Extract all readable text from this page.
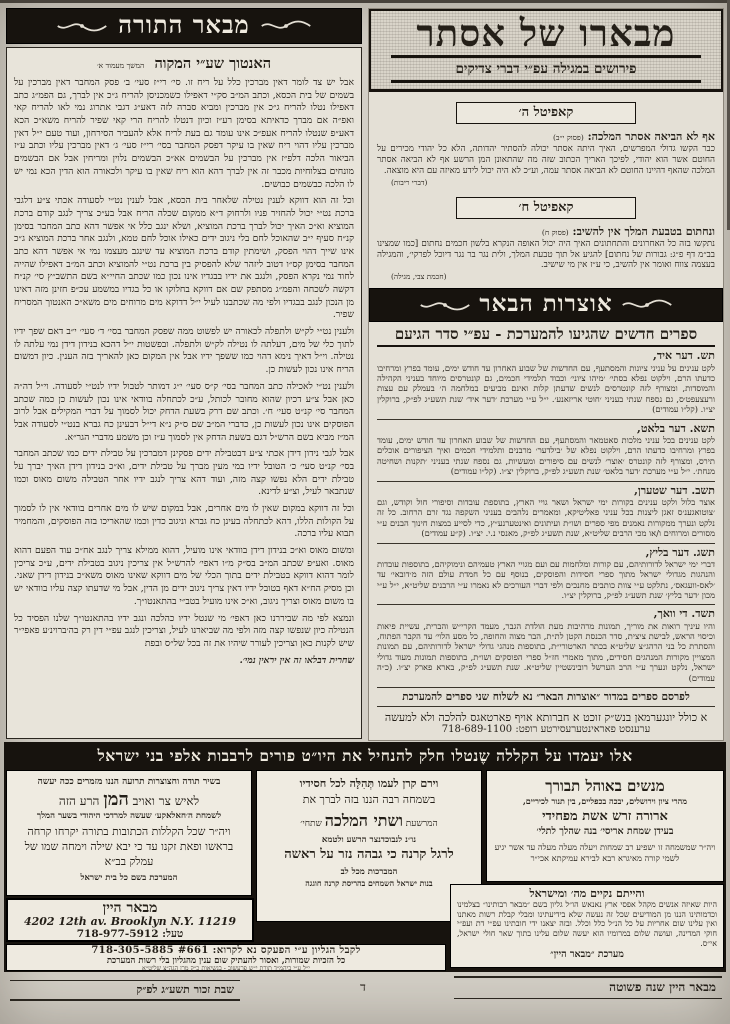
מבאר התורה
האנטוך שע״י המקוה המשך מעמוד א׳

אבל יש צד לומר דאין מברכין כלל על ריח זו. סי׳ רי״ז סעי׳ ב׳ פסק המחבר דאין מברכין על בשמים של בית הכסא, וכתב המ״ב סק״י דאפילו כשמכניסן להריח ג״כ אין לברך, גם הפמ״ג כתב דאפילו נטלו להריח ג״כ אין מברכין ומביא סברה לזה דאע״ג דגבי אתרוג נמי לאו להריח קאי ואפ״ה אם מברך כדאיתא בסימן רע״ז וכיון דנטלו להריח הרי קאי שפיר להריח משא״כ הכא דאע״פ שנטלו להריח אעפ״כ אינו עומד גם בעת לריח אלא להעביר הסירחון, ועוד טעם י״ל דאין מברכין עליו דהוי ריח שאין בו עיקר דפסק המחבר בסי׳ רי״ז סעי׳ ג׳ דאין מברכין עליו וכתב ע״ז הביאור הלכה דלפ״ז אין מברכין על הבשמים אא״כ הבשמים נלוין ומריחין אבל אם הבשמים מונחים בצלוחיות מכבר זה אין לברך דהא הוא ריח שאין בו עיקר ולכאורה הוא הדין הכא נמי יש לו הלכה כבשמים כבושים.

וכל זה הוא דווקא לענין נטילה שלאחר בית הכסא, אבל לענין נט״י לסעודה אכתי צ״ע דלגבי ברכת נט״י יכול להחזיר פניו ולרחוק ד״א ממקום שכלה הריח אבל בע״כ צריך לנגב קודם ברכת המוציא וא״כ האיך יכול לברך ברכת המוציא, ושלא ינגב כלל אי אפשר דהא כתב המחבר בסימן קנ״ח סעיף י״ב שהאוכל לחם בלי ניגוב ידים כאילו אוכל לחם טמא, ולנגב אחר ברכת המוציא ג״כ אינו שייך דהוי הפסק, ושימתין קודם ברכת המוציא עד שינגב מעצמו נמי אי אפשר דהא כתב המחבר בסימן קס״ו דטוב ליזהר שלא להפסיק בין ברכת נט״י להמוציא וכתב המ״ב דאפילו שהייה לחוד נמי נקרא הפסק, ולנגב את ידיו בבגדיו אינו נכון כמו שכתב החיי״א בשם התשב״ץ סי׳ קנ״ח דקשה לשכחה והפמ״ג מסתפק שם אם דווקא בחלוקו או כל בגדיו במשמע עכ״פ חזינן מזה דאינו מן הנכון לנגב בבגדיו ולפי מה שכתבנו לעיל י״ל דדוקא מים מרוחים מים משא״כ האנטוך המסריח שפיר.

ולענין נט״י לק״ש ולתפלה לכאורה יש לפשוט ממה שפסק המחבר בסי׳ ד׳ סעי׳ י״ב דאם שפך ידיו לתוך כלי של מים, דעלתה לו נטילה לק״ש ולתפלה. ובפשטות י״ל דהכא בנידון דידן נמי עלתה לו נטילה. וי״ל דאיך נימא דהוי כמו ששפך ידיו אבל אין המקום כאן להאריך בזה הענין. כיון דמשום הריח אינו נכון לעשות כן.

ולענין נט״י לאכילה כתב המחבר בסי׳ ק״ס סעי׳ י״ג דמותר לטבול ידיו לנט״י לסעודה. וי״ל דה״ה כאן אבל צ״ע דכיון שהוא מחובר לכותל, ע״כ לכתחלה בוודאי אינו נכון לעשות כן כמה שכתב המחבר סי׳ קנ״ט סעי׳ ח׳. וכתב שם דרק בשעת הדחק יכול לסמוך על דברי המקילים אבל לרוב הפוסקים אינו נכון לעשות כן, כדברי המ״ב שם ס״ק נ״א די״ל דבעינן כח גברא בנט״י לסעודה אבל המ״ז מביא בשם הרש״ל דגם בשעת הדחק אין לסמוך ע״ז וכן משמע מדברי הגר״א.

אבל לגבי נידון דידן אכתי צ״ע דבטבילת ידים פסקינן דמברכין על טבילת ידים כמו שכתב המחבר בסי׳ קנ״ט סעי׳ כ׳ הטובל ידיו במי מעין מברך על טבילת ידים, וא״כ בנידון דידן האיך יברך על טבילת ידים הלא נפשו קצה מזה, ועוד דהא צריך לנגב ידיו אחר הטבילה משום מאוס וכמו שנתבאר לעיל, וצ״ע לדינא.

וכל זה דווקא במקום שאין לו מים אחרים, אבל במקום שיש לו מים אחרים בוודאי אין לו לסמוך על הקולות הללו, דהא לכתחלה בעינן כח גברא וניגוב כדין וכמו שהאריכו בזה הפוסקים, והמחמיר תבוא עליו ברכה.

ומשום מאוס וא״כ בנידון דידן בוודאי אינו מועיל, דהוא ממילא צריך לנגב אח״כ עוד הפעם דהוא מאוס. ואע״פ שכתב המ״ב בס״ק מ״ו דאפי׳ להרש״ל אין צריכין ניגוב בטבילת ידים, ע״כ צריכין לומר דהוא דווקא בטבילת ידים בתוך הכלי של מים דווקא שאינו מאוס משא״כ בנידון דידן שאני. וכן מסיק הח״א דאף בטובל ידיו דאין צריך ניגוב ידים מן הדין, אבל מי שדעתו קצה עליו בוודאי יש בו משום מאוס וצריך ניגוב, וא״כ אינו מועיל בטב״י בהתאנטו״ך.

ונמצא לפי מה שביררנו כאן דאפי׳ מי שנטל ידיו כהלכה ונגב ידיו בהתאנטו״ך שלנו הפסיד כל הנטילה כיון שנפשו קצה מזה ולפי מה שביארנו לעיל, וצריכין לנגב עפ״י דין רק בה׳ברוינ׳ע פאפי״ר שיש לקנות כאן וצריכין לעורר שיהיו את זה בכל של״ס ובפת

שחרית דבלאו זה אין יראין נמי׳.
מבארו של אסתר
פירושים במגילה עפ״י דברי צדיקים
קאפיטל ה׳
אף לא הביאה אסתר המלכה: (פסוק י״ב)
כבר הקשו גדולי המפרשים, האיך היתה אסתר יכולה להסתיר יהדותה, הלא כל יהודי מכירים על החוטם אשר הוא יהודי, לפיכך האריך הכתוב שזה מה שהתאונן המן הרשע אף לא הביאה אסתר המלכה שהאף דהיינו החוטם לא הביאה אסתר עמה, וע״כ לא היה יכול לידע מאיזה עם היא מוצאה.
(דברי ריבות)
קאפיטל ח׳
ונחתום בטבעת המלך אין להשיב: (פסוק ח)
נתקשו בזה כל האחרונים והתחתונים האיך היה יכול האופה הנקרא בלשון חכמים נחתום [כמו שמצינו בב״מ דף פ״ג: גבורות של נחתום] להגיע אל תוך טבעת המלך, ולית נגר בר נגר דיוכל לפרקי׳, והמגילה בעצמה צווח ואומר אין להשיב, כי ע״ז אין מי שישיב.
(חכמת צבי, מגילה)
אוצרות הבאר
ספרים חדשים שהגיעו להמערכת - עפ״י סדר הגיעם
תש. דער איד,
לקט ענינים על עניני ציונות והמסתעף, עם החדשות של שבוע האחרון עד חודש ימים, עומד בפרץ ומרחיבו כדעתו הרם, וילקוט נפלא בסתי׳ ׳מיהו ציוני׳ וכבוד תלמידי חכמים, גם קונטרסים מיוחד בעניני הקהילה והמוסדות, ומצורף לזה קונטרסים לנשים שדעתן קלות ואינם מביעים במלחמה ה׳ בעמלק עם עצות ורעצעפט׳ס, גם נספח שנתי בעניני ׳חוטי אריזאנע׳. י״ל ע״י מערכת ׳דער איד׳ שנת תשע״ג לפ״ק, ברוקלין יצ״ו. (קל״ו עמודים)
תשא. דער בלאט,
לקט ענינים בכל עניני מלכות סאטמאר והמסתעף, עם החדשות של שבוע האחרון עד חודש ימים, עומד בפרץ ומרחיבו כדעתו הרם, וילקוט נפלא של ׳בילדער׳ מרבנים ותלמידי חכמים ואיך הציפורים אוכלים תירס, ומצורף לזה קונטרס ׳אוצר׳ לנשים עם סיפורים ומעשיות, גם נספח שנתי בעניני ׳תקנות ושחיטה מנחת׳. י״ל ע״י מערכת ׳דער בלאט׳ שנת תשע״ג לפ״ק, ברוקלין יצ״ו. (קל״ו עמודים)
תשב. דער שטערן,
אוצר בלול ולקט ענינים בקורות ימי ישראל ושאר גויי הארץ, בתוספת עובדות וסיפורי חול וקודש, וגם ׳צוטואגענ׳ס זאגן ליצנות בכל עניני פאליטיקא, ומאמרים נלהבים בעניני השקפה נגד זרם הרחוב. כל זה נלקט ונערך ממקורות נאמנים מפי ספרים ושו״ת ועיתונים ואינטערנע״ץ, כדי לסייע במצות חינוך הבנים ע״י מסורים ומרוחים ו/או מכי הרבים שליט״א, שנת תשע״ג לפ״ק, מאנסי נ.י. יצ״ו. (ק״ע עמודים)
תשג. דער בליץ,
דברי ימי ישראל לדורותיהם, עם קורות ומלחמות עם ועם מגויי הארץ טעמיהם ונימוקיהם, בתוספות עובדות והנהגות מגדולי ישראל מתוך ספרי חסידות והפוסקים, בנוסף עם כל חמדת עולם הזה מ׳דובאי׳ עד ׳לאס-וועגאס׳, נתלקט ע״י צוות כותבים מחנכים ולפי דברי העורכים לא נאמרו ע״י הרבנים שליט״א, י״ל ע״י מכון ׳דער בליץ׳ שנת תשע״ג לפ״ק, ברוקלין יצ״ו.
תשד. די וואך,
והיו עיניך רואות את מוריך, תמונות מרהיבות מעת הולדת הגבר, מעמד הקרי״ש והברית, עשיית פיאות וכיסוי הראש, לבישת ציצית, סדר הכנסת הקטן לת״ת, הבר מצוה והחופה, כל מסע הלוי׳ עד הקבר הפתוח, והסתרת כל בני הרהג״צ שליט״א בכתר הארטורי״ת, בתוספות מנהגי גדולי ישראל לדורותיהם, עם תמונות המצויין מקורות המנהגים חסידים, מתוך מאמרי חז״ל ספרי הפוסקים ושו״ת, בתוספות תמונות מעוד גדולי ישראל, נלקט ונערך ע״י הרב הערשל רובינשטיין שליט״א. שנת תשע״ג לפ״ק, בארא פארק יצ״ו. (כ״ה עמודים)
לפרסם ספרים במדור ״אוצרות הבאר״ נא לשלוח שני ספרים להמערכת
א כולל יונגערמאן בנש״ק זוכט א חברותא אויף פארטאגס להלכה ולא למעשה
ערענסט פאראינטערעסירטע רופט: 718-689-1100
אלו יעמדו על הקללה שֶנטלו חלק להנחיל את היו״ט פורים לרבבות אלפי בני ישראל
בשיר תודה וחצוצרות תרועה הננו מזמרים ככה יעשה
לאיש צר ואויב המן הרע הזה
לשמחת ה׳חאלאקע׳ שעשה למרדכי היהודי בשער המלך
ויה״ר שכל הקללות הכתובות בתורה יקרחו קרחה בראשו ופאת זקנו עד כי יבא שילה וימחה שמו של עמלק בב״א
המערכת בשם כל בית ישראל
וירם קרן לעמו תְּהִלָּה לכל חסידיו
בשמחה רבה הננו בזה לברך את
המרשעת ושתי המלכה שתחי׳
נו״נ לנבוכדנצר הרשע ולטמא
לרגל קרנה כי גבהה נזר על ראשה
המברכות מכל לב
בנות ישראל השמחים בהריסת קרנה חוגגה
מנשים באוהל תבורך
מהרי ציון וירושלים, יבכה בכפליים, בין תנור לכיריים,
ארורה זרש אשת מפחידי
בעידן שמחת אריסי׳ בנה שהלך לתלי׳
ויה״ר שמשמחה זו ישפיע רב שמחות ויעלה מעלה מעלה עד אשר יגיע לשמי קורה מאיגרא רבא לבירא עמיקתא אכי״ר
והייתם נקיים מה׳ ומישראל
היות שאיזה אנשים מקהל אפסי ארץ נאנאש הו״ל גליון בשם ״מבאר רבותינו״ בצלמינו וכדמותינו הננו מן המודיעים שכל זה נעשה שלא בידיעתינו ומבלי קבלת רשות מאתנו ואין עלינו שום אחריות על כל הנ״ל כלל וכלל. ובזה יצאנו ידי חובתינו עפ״י דת ועפ״י חוקי המדינה, ועושה שלום במרומיו הוא יעשה שלום עלינו בתוך שאר חולי ישראל, אי״ס.
מערכת ״מבאר היין״
מבאר היין
4202 12th av. Brooklyn N.Y. 11219
טעל: 718-977-5912
לקבל הגליון ע״י הפעקס נא לקרוא: 718-305-5885 #661
כל הזכיות שמורות, ואסור להעתיק שום ענין מהגליון בלי רשות המערכת
י״ל ע״י ביהמ״ד תורת י״ש פרעשוב - בנשיאות כ״ק מרן הגה״צ שליט״א
מבאר היין שנה פשוטה
שבת זכור תשע״ג לפ״ק	ד
